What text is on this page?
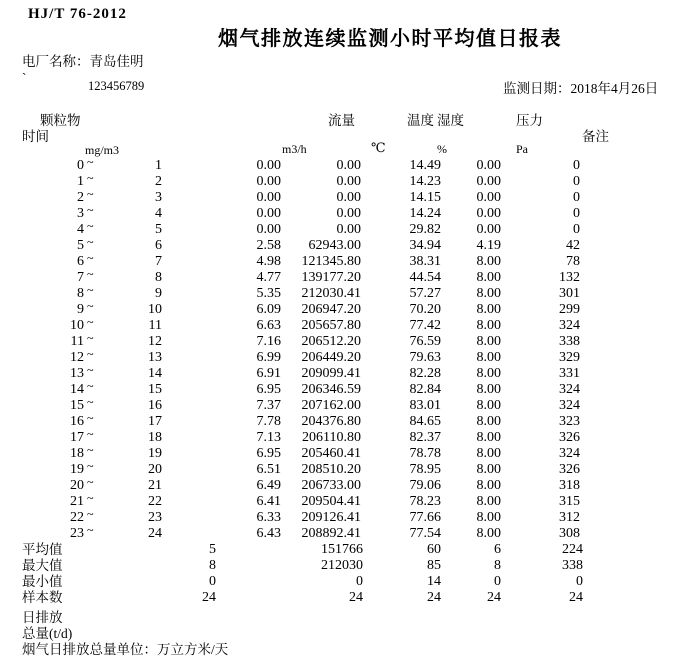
HJ/T 76-2012
烟气排放连续监测小时平均值日报表
电厂名称：青岛佳明
`
123456789	监测日期：2018年4月26日
颗粒物
时间
流量	温度 湿度	压力
备注
mg/m3	m3/h	℃	%	Pa
0 ~	1	0.00	0.00	14.49	0.00	0
1 ~	2	0.00	0.00	14.23	0.00	0
2 ~	3	0.00	0.00	14.15	0.00	0
3 ~	4	0.00	0.00	14.24	0.00	0
4 ~	5	0.00	0.00	29.82	0.00	0
5 ~	6	2.58	62943.00	34.94	4.19	42
6 ~	7	4.98	121345.80	38.31	8.00	78
7 ~	8	4.77	139177.20	44.54	8.00	132
8 ~	9	5.35	212030.41	57.27	8.00	301
9 ~	10	6.09	206947.20	70.20	8.00	299
10 ~	11	6.63	205657.80	77.42	8.00	324
11 ~	12	7.16	206512.20	76.59	8.00	338
12 ~	13	6.99	206449.20	79.63	8.00	329
13 ~	14	6.91	209099.41	82.28	8.00	331
14 ~	15	6.95	206346.59	82.84	8.00	324
15 ~	16	7.37	207162.00	83.01	8.00	324
16 ~	17	7.78	204376.80	84.65	8.00	323
17 ~	18	7.13	206110.80	82.37	8.00	326
18 ~	19	6.95	205460.41	78.78	8.00	324
19 ~	20	6.51	208510.20	78.95	8.00	326
20 ~	21	6.49	206733.00	79.06	8.00	318
21 ~	22	6.41	209504.41	78.23	8.00	315
22 ~	23	6.33	209126.41	77.66	8.00	312
23 ~	24	6.43	208892.41	77.54	8.00	308
平均值	5	151766	60	6	224
最大值	8	212030	85	8	338
最小值	0	0	14	0	0
样本数	24	24	24	24	24
日排放
总量(t/d)
烟气日排放总量单位：万立方米/天
